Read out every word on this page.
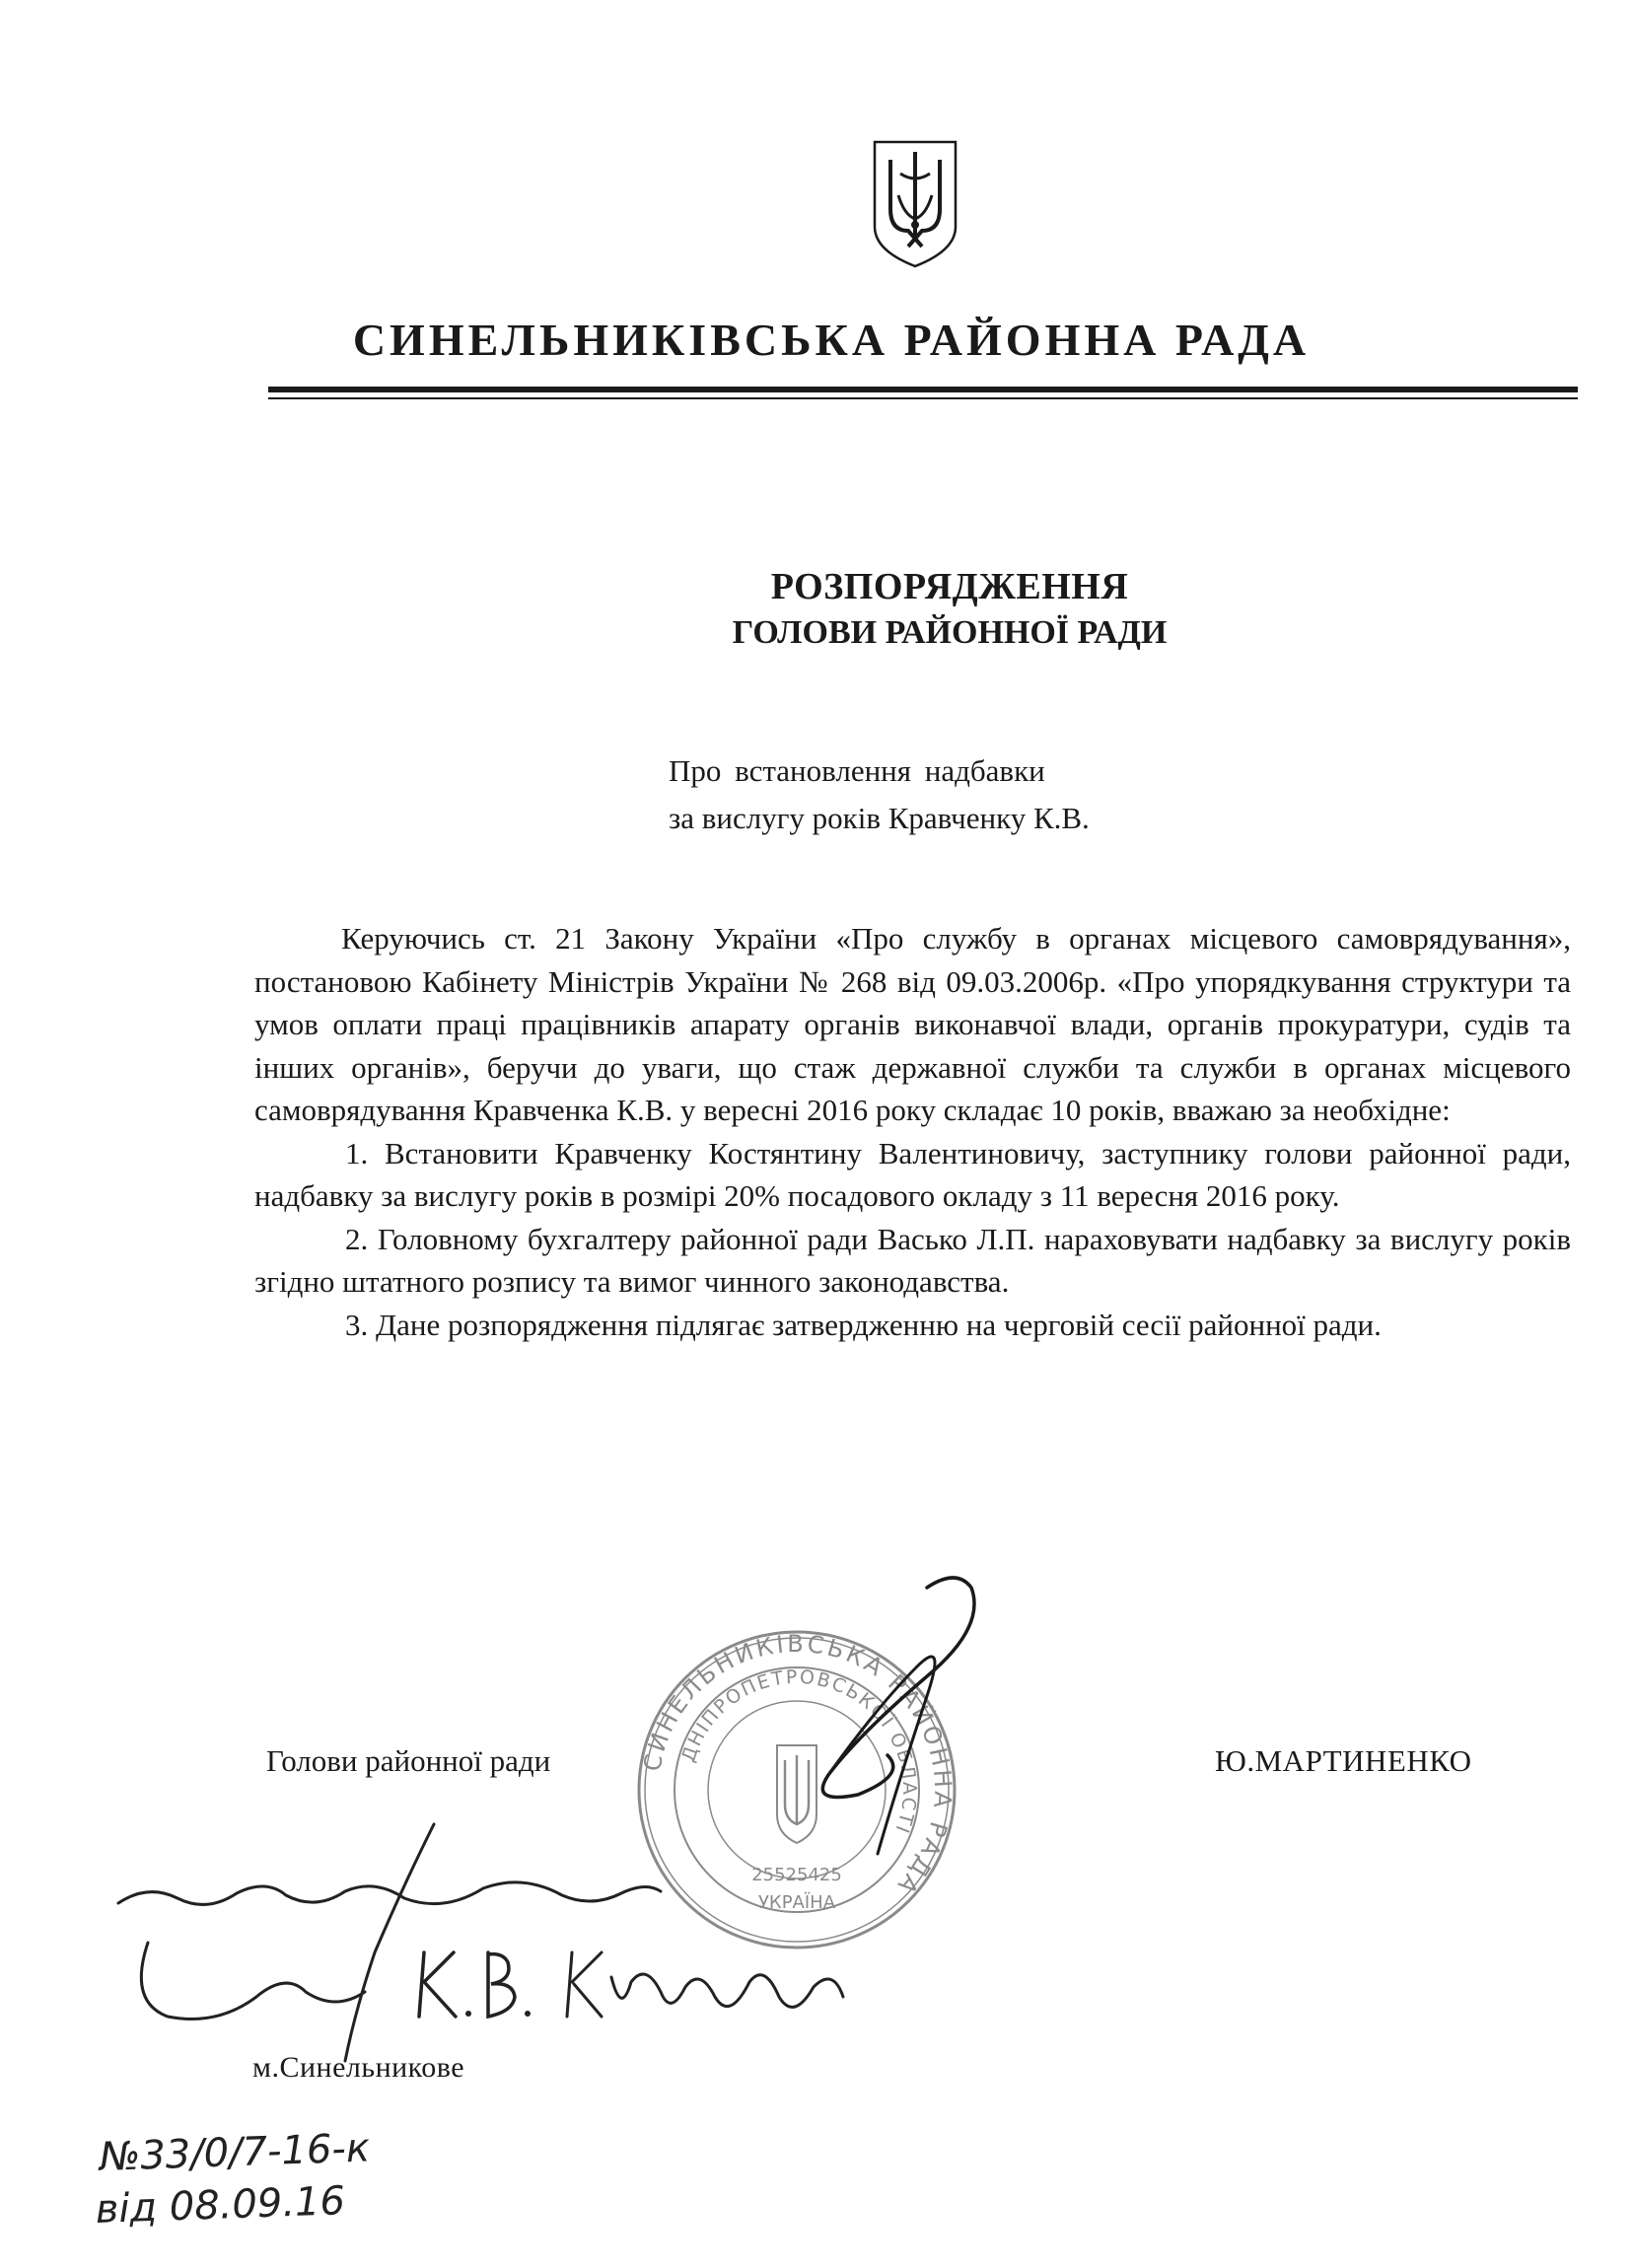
СИНЕЛЬНИКІВСЬКА РАЙОННА РАДА
РОЗПОРЯДЖЕННЯ
ГОЛОВИ РАЙОННОЇ РАДИ
Про встановлення надбавки
за вислугу років Кравченку К.В.

Керуючись ст. 21 Закону України «Про службу в органах місцевого самоврядування», постановою Кабінету Міністрів України № 268 від 09.03.2006р. «Про упорядкування структури та умов оплати праці працівників апарату органів виконавчої влади, органів прокуратури, судів та інших органів», беручи до уваги, що стаж державної служби та служби в органах місцевого самоврядування Кравченка К.В. у вересні 2016 року складає 10 років, вважаю за необхідне:

1. Встановити Кравченку Костянтину Валентиновичу, заступнику голови районної ради, надбавку за вислугу років в розмірі 20% посадового окладу з 11 вересня 2016 року.

2. Головному бухгалтеру районної ради Васько Л.П. нараховувати надбавку за вислугу років згідно штатного розпису та вимог чинного законодавства.

3. Дане розпорядження підлягає затвердженню на черговій сесії районної ради.

Голови районної ради	Ю.МАРТИНЕНКО
СИНЕЛЬНИКІВСЬКА РАЙОННА РАДА
ДНІПРОПЕТРОВСЬКОЇ ОБЛАСТІ
25525425
УКРАЇНА
м.Синельникове
№33/0/7-16-к
від 08.09.16
